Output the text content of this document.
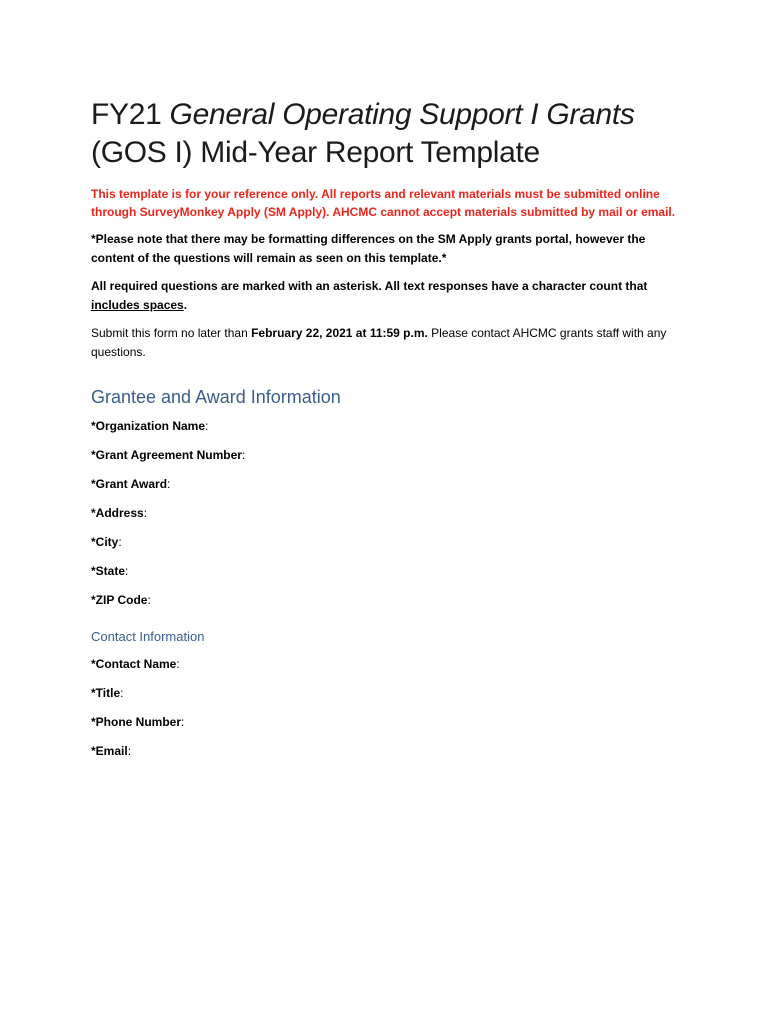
FY21 General Operating Support I Grants
(GOS I) Mid-Year Report Template

This template is for your reference only. All reports and relevant materials must be submitted online through SurveyMonkey Apply (SM Apply). AHCMC cannot accept materials submitted by mail or email.

*Please note that there may be formatting differences on the SM Apply grants portal, however the content of the questions will remain as seen on this template.*

All required questions are marked with an asterisk. All text responses have a character count that includes spaces.

Submit this form no later than February 22, 2021 at 11:59 p.m. Please contact AHCMC grants staff with any questions.

Grantee and Award Information
*Organization Name:
*Grant Agreement Number:
*Grant Award:
*Address:
*City:
*State:
*ZIP Code:
Contact Information
*Contact Name:
*Title:
*Phone Number:
*Email:
